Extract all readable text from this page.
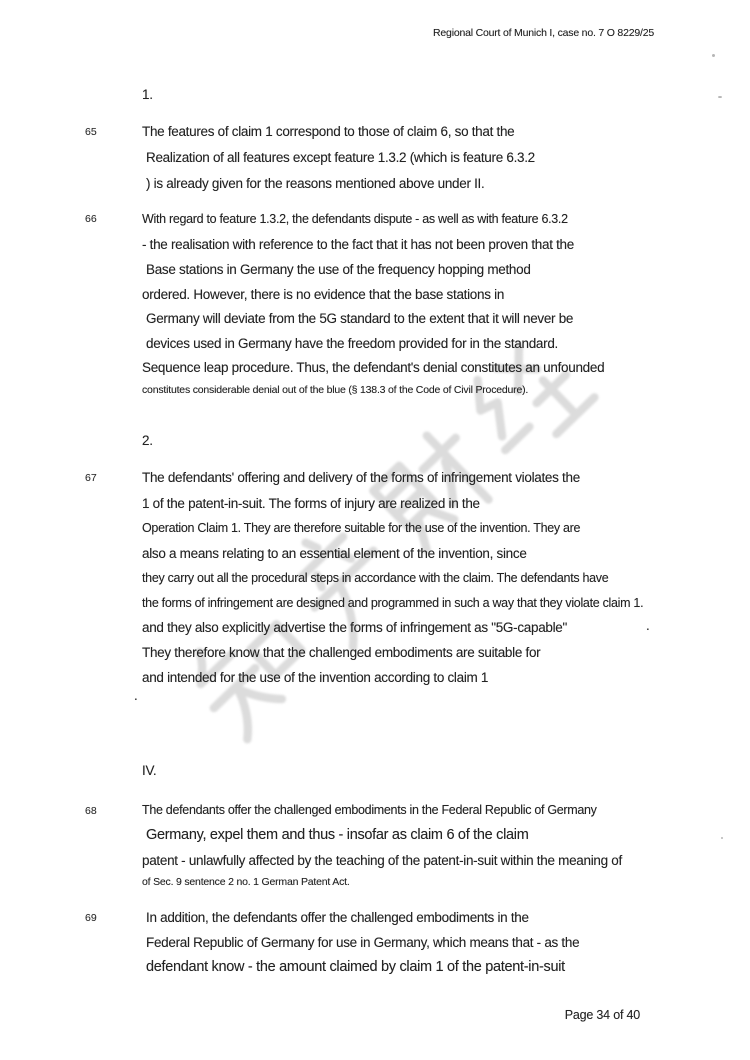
Regional Court of Munich I, case no. 7 O 8229/25
1.
65	The features of claim 1 correspond to those of claim 6, so that the
Realization of all features except feature 1.3.2 (which is feature 6.3.2
) is already given for the reasons mentioned above under II.
66	With regard to feature 1.3.2, the defendants dispute - as well as with feature 6.3.2
- the realisation with reference to the fact that it has not been proven that the
Base stations in Germany the use of the frequency hopping method
ordered. However, there is no evidence that the base stations in
Germany will deviate from the 5G standard to the extent that it will never be
devices used in Germany have the freedom provided for in the standard.
Sequence leap procedure. Thus, the defendant's denial constitutes an unfounded
constitutes considerable denial out of the blue (§ 138.3 of the Code of Civil Procedure).
2.
67	The defendants' offering and delivery of the forms of infringement violates the
1 of the patent-in-suit. The forms of injury are realized in the
Operation Claim 1. They are therefore suitable for the use of the invention. They are
also a means relating to an essential element of the invention, since
they carry out all the procedural steps in accordance with the claim. The defendants have
the forms of infringement are designed and programmed in such a way that they violate claim 1.
and they also explicitly advertise the forms of infringement as "5G-capable"	.
They therefore know that the challenged embodiments are suitable for
and intended for the use of the invention according to claim 1
.
IV.
68	The defendants offer the challenged embodiments in the Federal Republic of Germany
Germany, expel them and thus - insofar as claim 6 of the claim
patent - unlawfully affected by the teaching of the patent-in-suit within the meaning of
of Sec. 9 sentence 2 no. 1 German Patent Act.
69	In addition, the defendants offer the challenged embodiments in the
Federal Republic of Germany for use in Germany, which means that - as the
defendant know - the amount claimed by claim 1 of the patent-in-suit
Page 34 of 40
